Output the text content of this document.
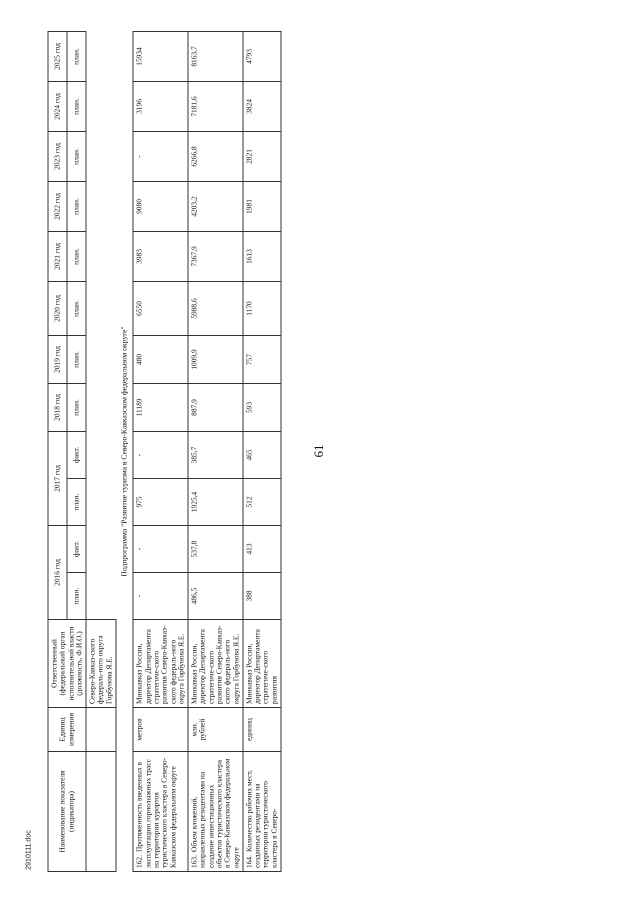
61
2910111.doc	Наименование показателя (индикатора)	Единиц измерения	Ответственный (федеральный орган исполнительной власти (должность, Ф.И.О.)	2016 год		2017 год		2018 год	2019 год	2020 год	2021 год	2022 год	2023 год	2024 год	2025 год
			план.	факт.	план.	факт.	план.	план.	план.	план.	план.	план.	план.	план.
		Северо-Кавказ-ского федераль-ного округа Горбунова Я.Е.												
Подпрограмма "Развитие туризма в Северо-Кавказском федеральном округе"														
162.Протяженность введенных в эксплуатацию горнолыжных трасс на территории курортов туристического кластера в Северо-Кавказском федеральном округе	метров	Минкавказ России, директор Департамента стратегиче-ского развития Северо-Кавказ-ского федераль-ного округа Горбунова Я.Е.	-	-	975	-	11189	480	6550	3983	9080	-	3196	15934
163.Объем вложений, направленных резидентами на создание инвестиционных объектов туристического кластера в Северо-Кавказском федеральном округе	млн. рублей	Минкавказ России, директор Департамента стратегиче-ского развития Северо-Кавказ-ского федераль-ного округа Горбунова Я.Е.	486,5	537,8	1925,4	385,7	887,9	1009,9	5988,6	7367,9	4203,2	6266,8	7181,6	8163,7
164.Количество рабочих мест, созданных резидентами на территории туристического кластера в Северо-	единиц	Минкавказ России, директор Департамента стратегиче-ского развития	388	413	512	465	593	757	1170	1613	1981	2821	3824	4793
